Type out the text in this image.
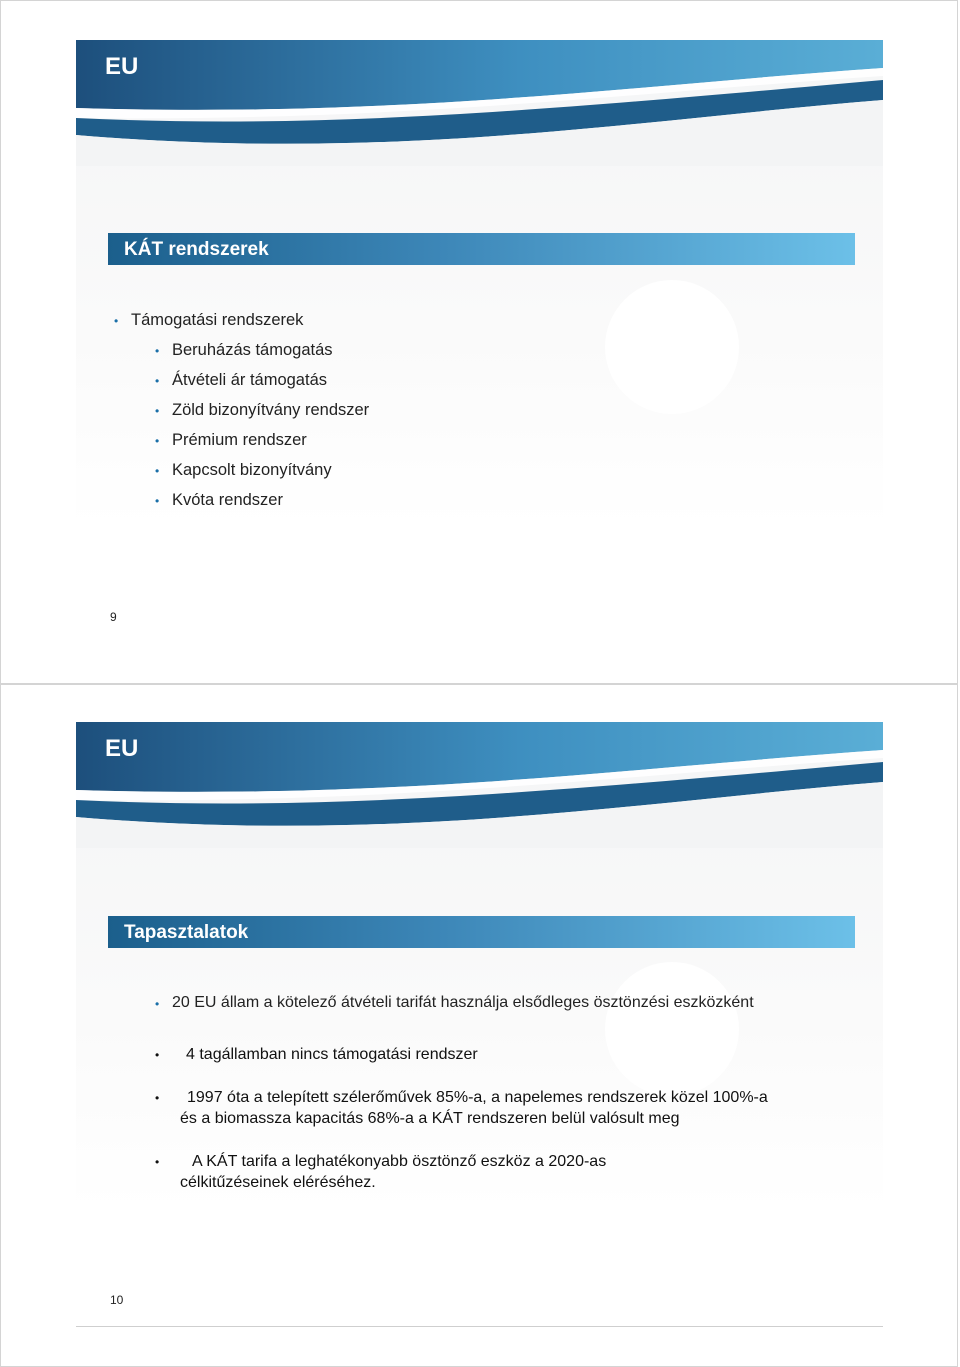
EU
KÁT rendszerek
• Támogatási rendszerek
• Beruházás támogatás
• Átvételi ár támogatás
• Zöld bizonyítvány rendszer
• Prémium rendszer
• Kapcsolt bizonyítvány
• Kvóta rendszer
9
EU
Tapasztalatok
• 20 EU állam a kötelező átvételi tarifát használja elsődleges ösztönzési eszközként
• 4 tagállamban nincs támogatási rendszer
•	1997 óta a telepített szélerőművek 85%-a, a napelemes rendszerek közel 100%-a
és a biomassza kapacitás 68%-a a KÁT rendszeren belül valósult meg
•	A KÁT tarifa a leghatékonyabb ösztönző eszköz a 2020-as
célkitűzéseinek eléréséhez.
10
